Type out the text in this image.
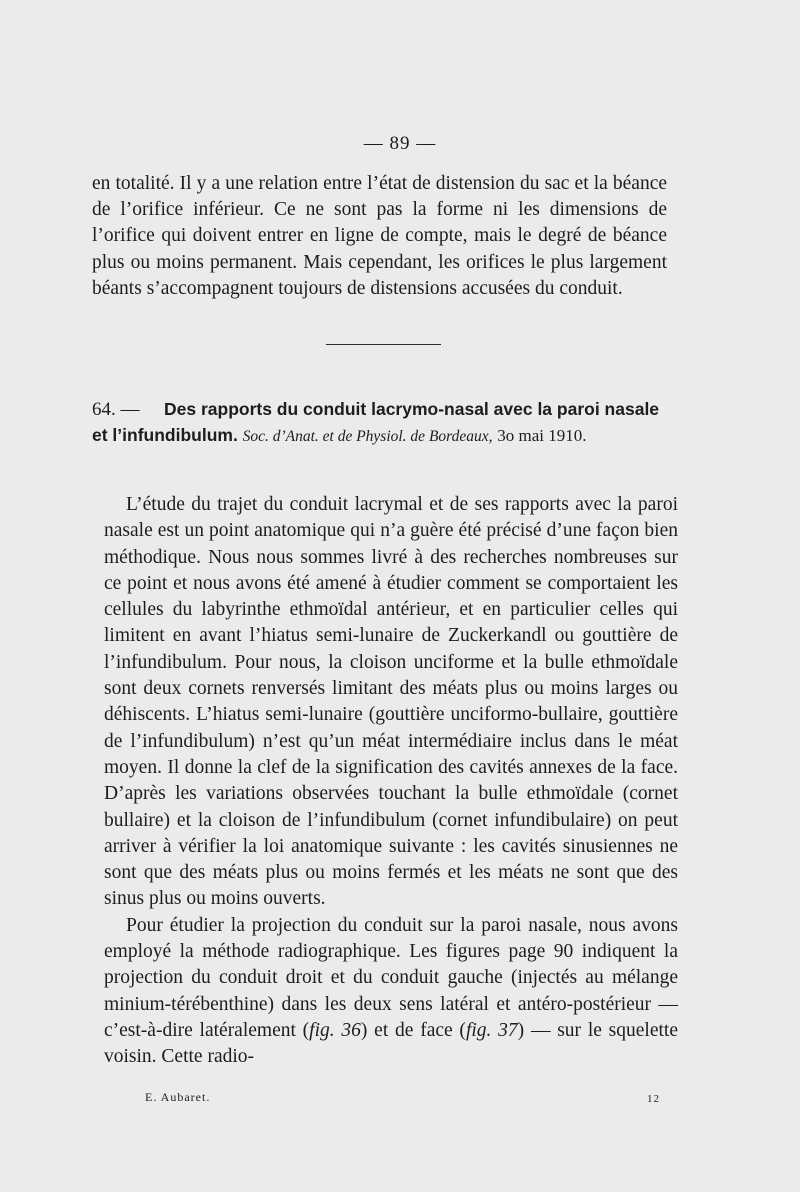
— 89 —

en totalité. Il y a une relation entre l’état de distension du sac et la béance de l’orifice inférieur. Ce ne sont pas la forme ni les dimensions de l’orifice qui doivent entrer en ligne de compte, mais le degré de béance plus ou moins permanent. Mais cependant, les orifices le plus largement béants s’accompagnent toujours de distensions accusées du conduit.

64. — Des rapports du conduit lacrymo-nasal avec la paroi nasale et l’infundibulum. Soc. d’Anat. et de Physiol. de Bordeaux, 3o mai 1910.

L’étude du trajet du conduit lacrymal et de ses rapports avec la paroi nasale est un point anatomique qui n’a guère été précisé d’une façon bien méthodique. Nous nous sommes livré à des recherches nombreuses sur ce point et nous avons été amené à étudier comment se comportaient les cellules du labyrinthe ethmoïdal antérieur, et en particulier celles qui limitent en avant l’hiatus semi-lunaire de Zuckerkandl ou gouttière de l’infundibulum. Pour nous, la cloison unciforme et la bulle ethmoïdale sont deux cornets renversés limitant des méats plus ou moins larges ou déhiscents. L’hiatus semi-lunaire (gouttière unciformo-bullaire, gouttière de l’infundibulum) n’est qu’un méat intermédiaire inclus dans le méat moyen. Il donne la clef de la signification des cavités annexes de la face. D’après les variations observées touchant la bulle ethmoïdale (cornet bullaire) et la cloison de l’infundibulum (cornet infundibulaire) on peut arriver à vérifier la loi anatomique suivante : les cavités sinusiennes ne sont que des méats plus ou moins fermés et les méats ne sont que des sinus plus ou moins ouverts.

Pour étudier la projection du conduit sur la paroi nasale, nous avons employé la méthode radiographique. Les figures page 90 indiquent la projection du conduit droit et du conduit gauche (injectés au mélange minium-térébenthine) dans les deux sens latéral et antéro-postérieur — c’est-à-dire latéralement (fig. 36) et de face (fig. 37) — sur le squelette voisin. Cette radio-

E. Aubaret.	12
